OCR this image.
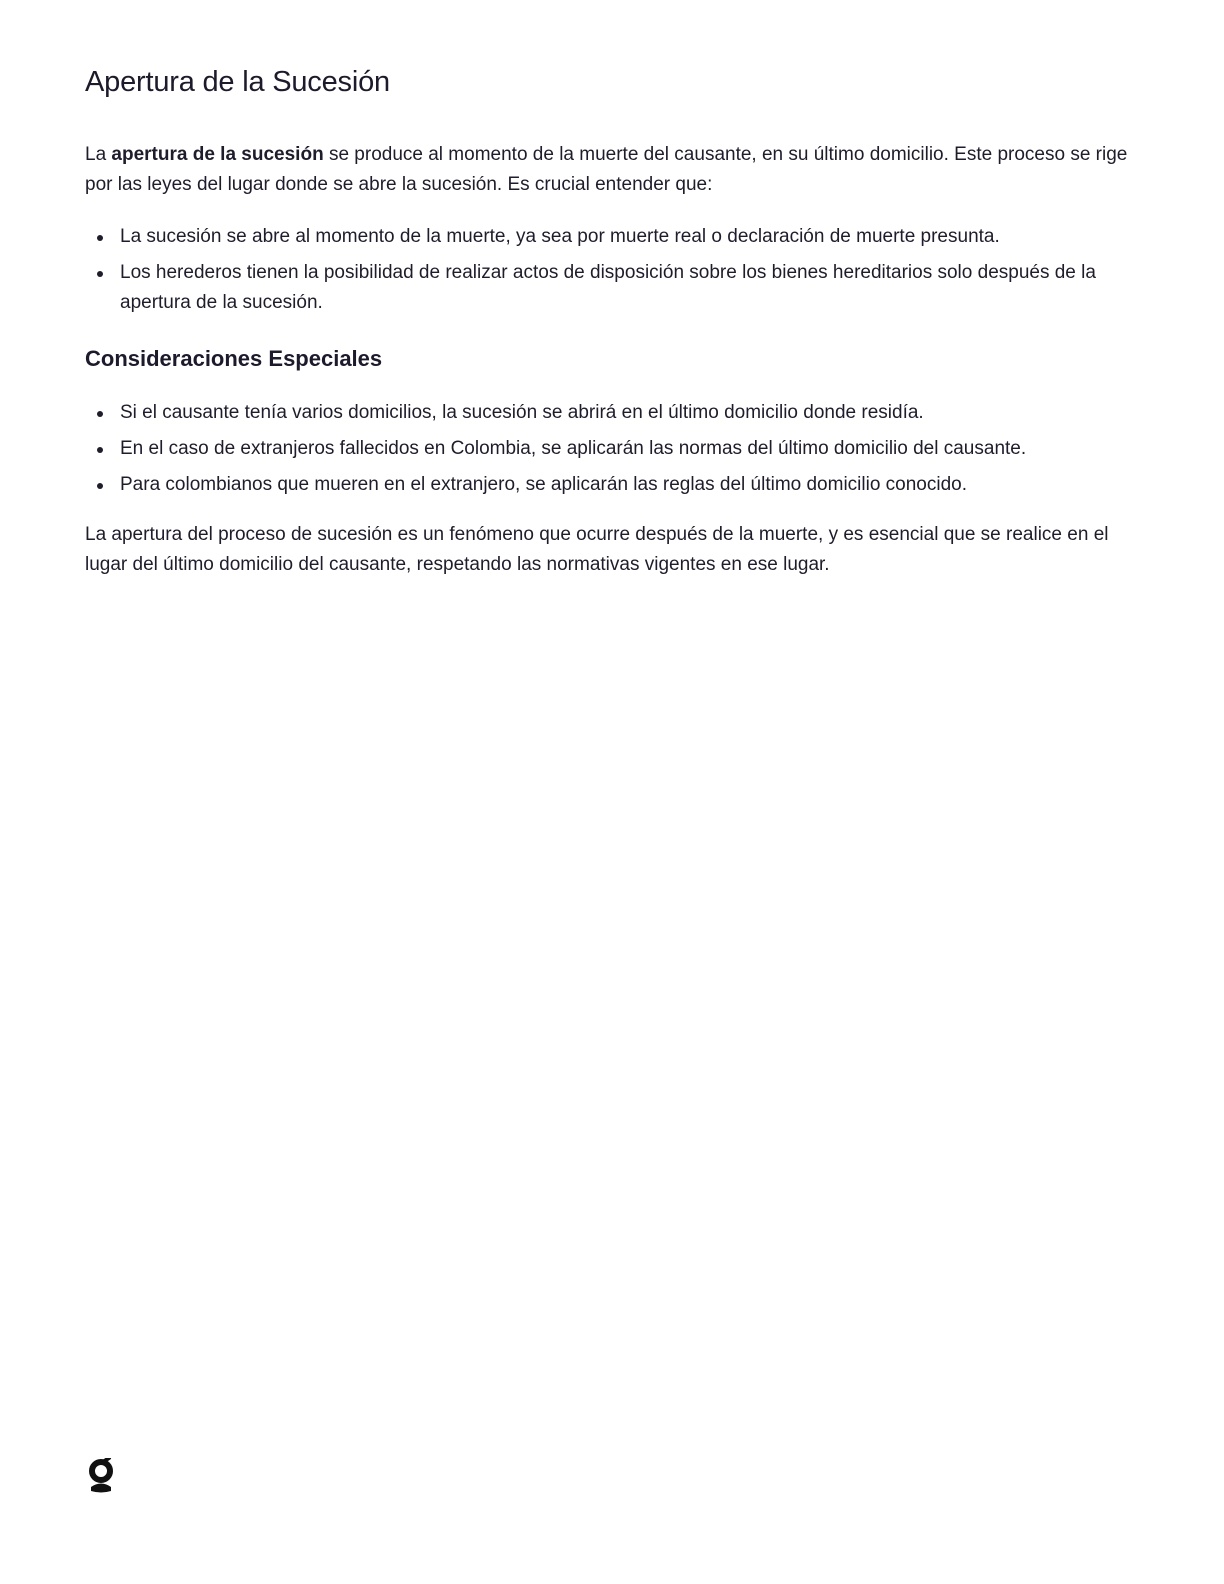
Apertura de la Sucesión

La apertura de la sucesión se produce al momento de la muerte del causante, en su último domicilio. Este proceso se rige por las leyes del lugar donde se abre la sucesión. Es crucial entender que:

La sucesión se abre al momento de la muerte, ya sea por muerte real o declaración de muerte presunta.
Los herederos tienen la posibilidad de realizar actos de disposición sobre los bienes hereditarios solo después de la apertura de la sucesión.
Consideraciones Especiales
Si el causante tenía varios domicilios, la sucesión se abrirá en el último domicilio donde residía.
En el caso de extranjeros fallecidos en Colombia, se aplicarán las normas del último domicilio del causante.
Para colombianos que mueren en el extranjero, se aplicarán las reglas del último domicilio conocido.

La apertura del proceso de sucesión es un fenómeno que ocurre después de la muerte, y es esencial que se realice en el lugar del último domicilio del causante, respetando las normativas vigentes en ese lugar.
